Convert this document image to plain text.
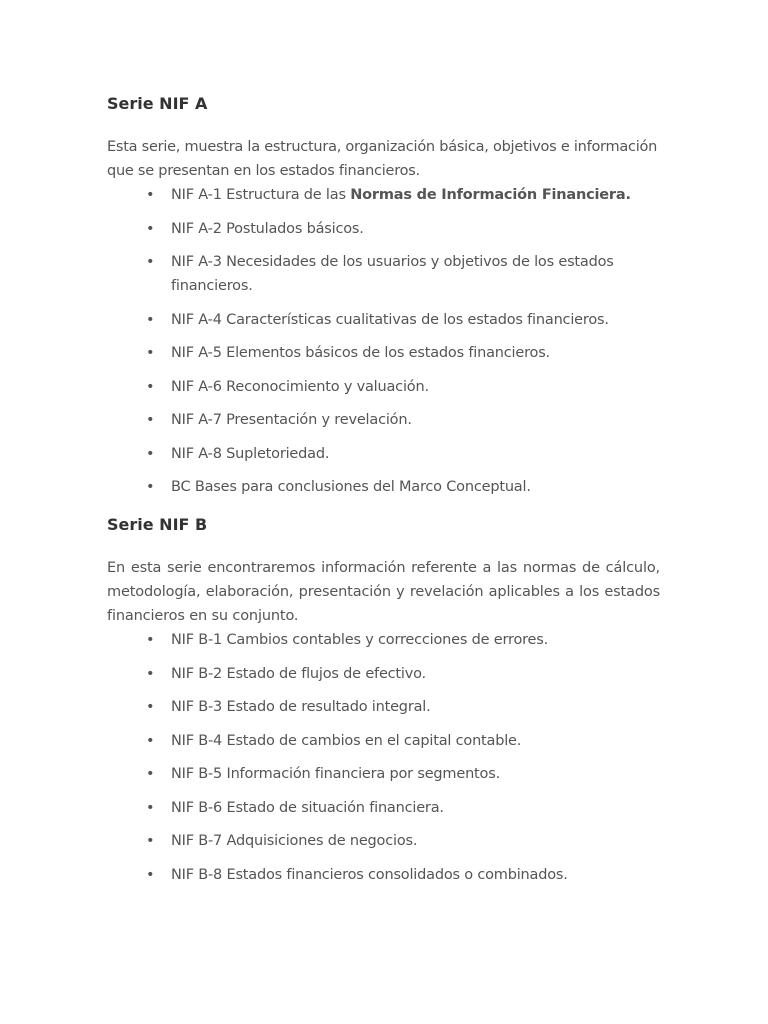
Serie NIF A

Esta serie, muestra la estructura, organización básica, objetivos e información que se presentan en los estados financieros.

• NIF A-1 Estructura de las Normas de Información Financiera.
• NIF A-2 Postulados básicos.
• NIF A-3 Necesidades de los usuarios y objetivos de los estados financieros.
• NIF A-4 Características cualitativas de los estados financieros.
• NIF A-5 Elementos básicos de los estados financieros.
• NIF A-6 Reconocimiento y valuación.
• NIF A-7 Presentación y revelación.
• NIF A-8 Supletoriedad.
• BC Bases para conclusiones del Marco Conceptual.
Serie NIF B

En esta serie encontraremos información referente a las normas de cálculo, metodología, elaboración, presentación y revelación aplicables a los estados financieros en su conjunto.

• NIF B-1 Cambios contables y correcciones de errores.
• NIF B-2 Estado de flujos de efectivo.
• NIF B-3 Estado de resultado integral.
• NIF B-4 Estado de cambios en el capital contable.
• NIF B-5 Información financiera por segmentos.
• NIF B-6 Estado de situación financiera.
• NIF B-7 Adquisiciones de negocios.
• NIF B-8 Estados financieros consolidados o combinados.
